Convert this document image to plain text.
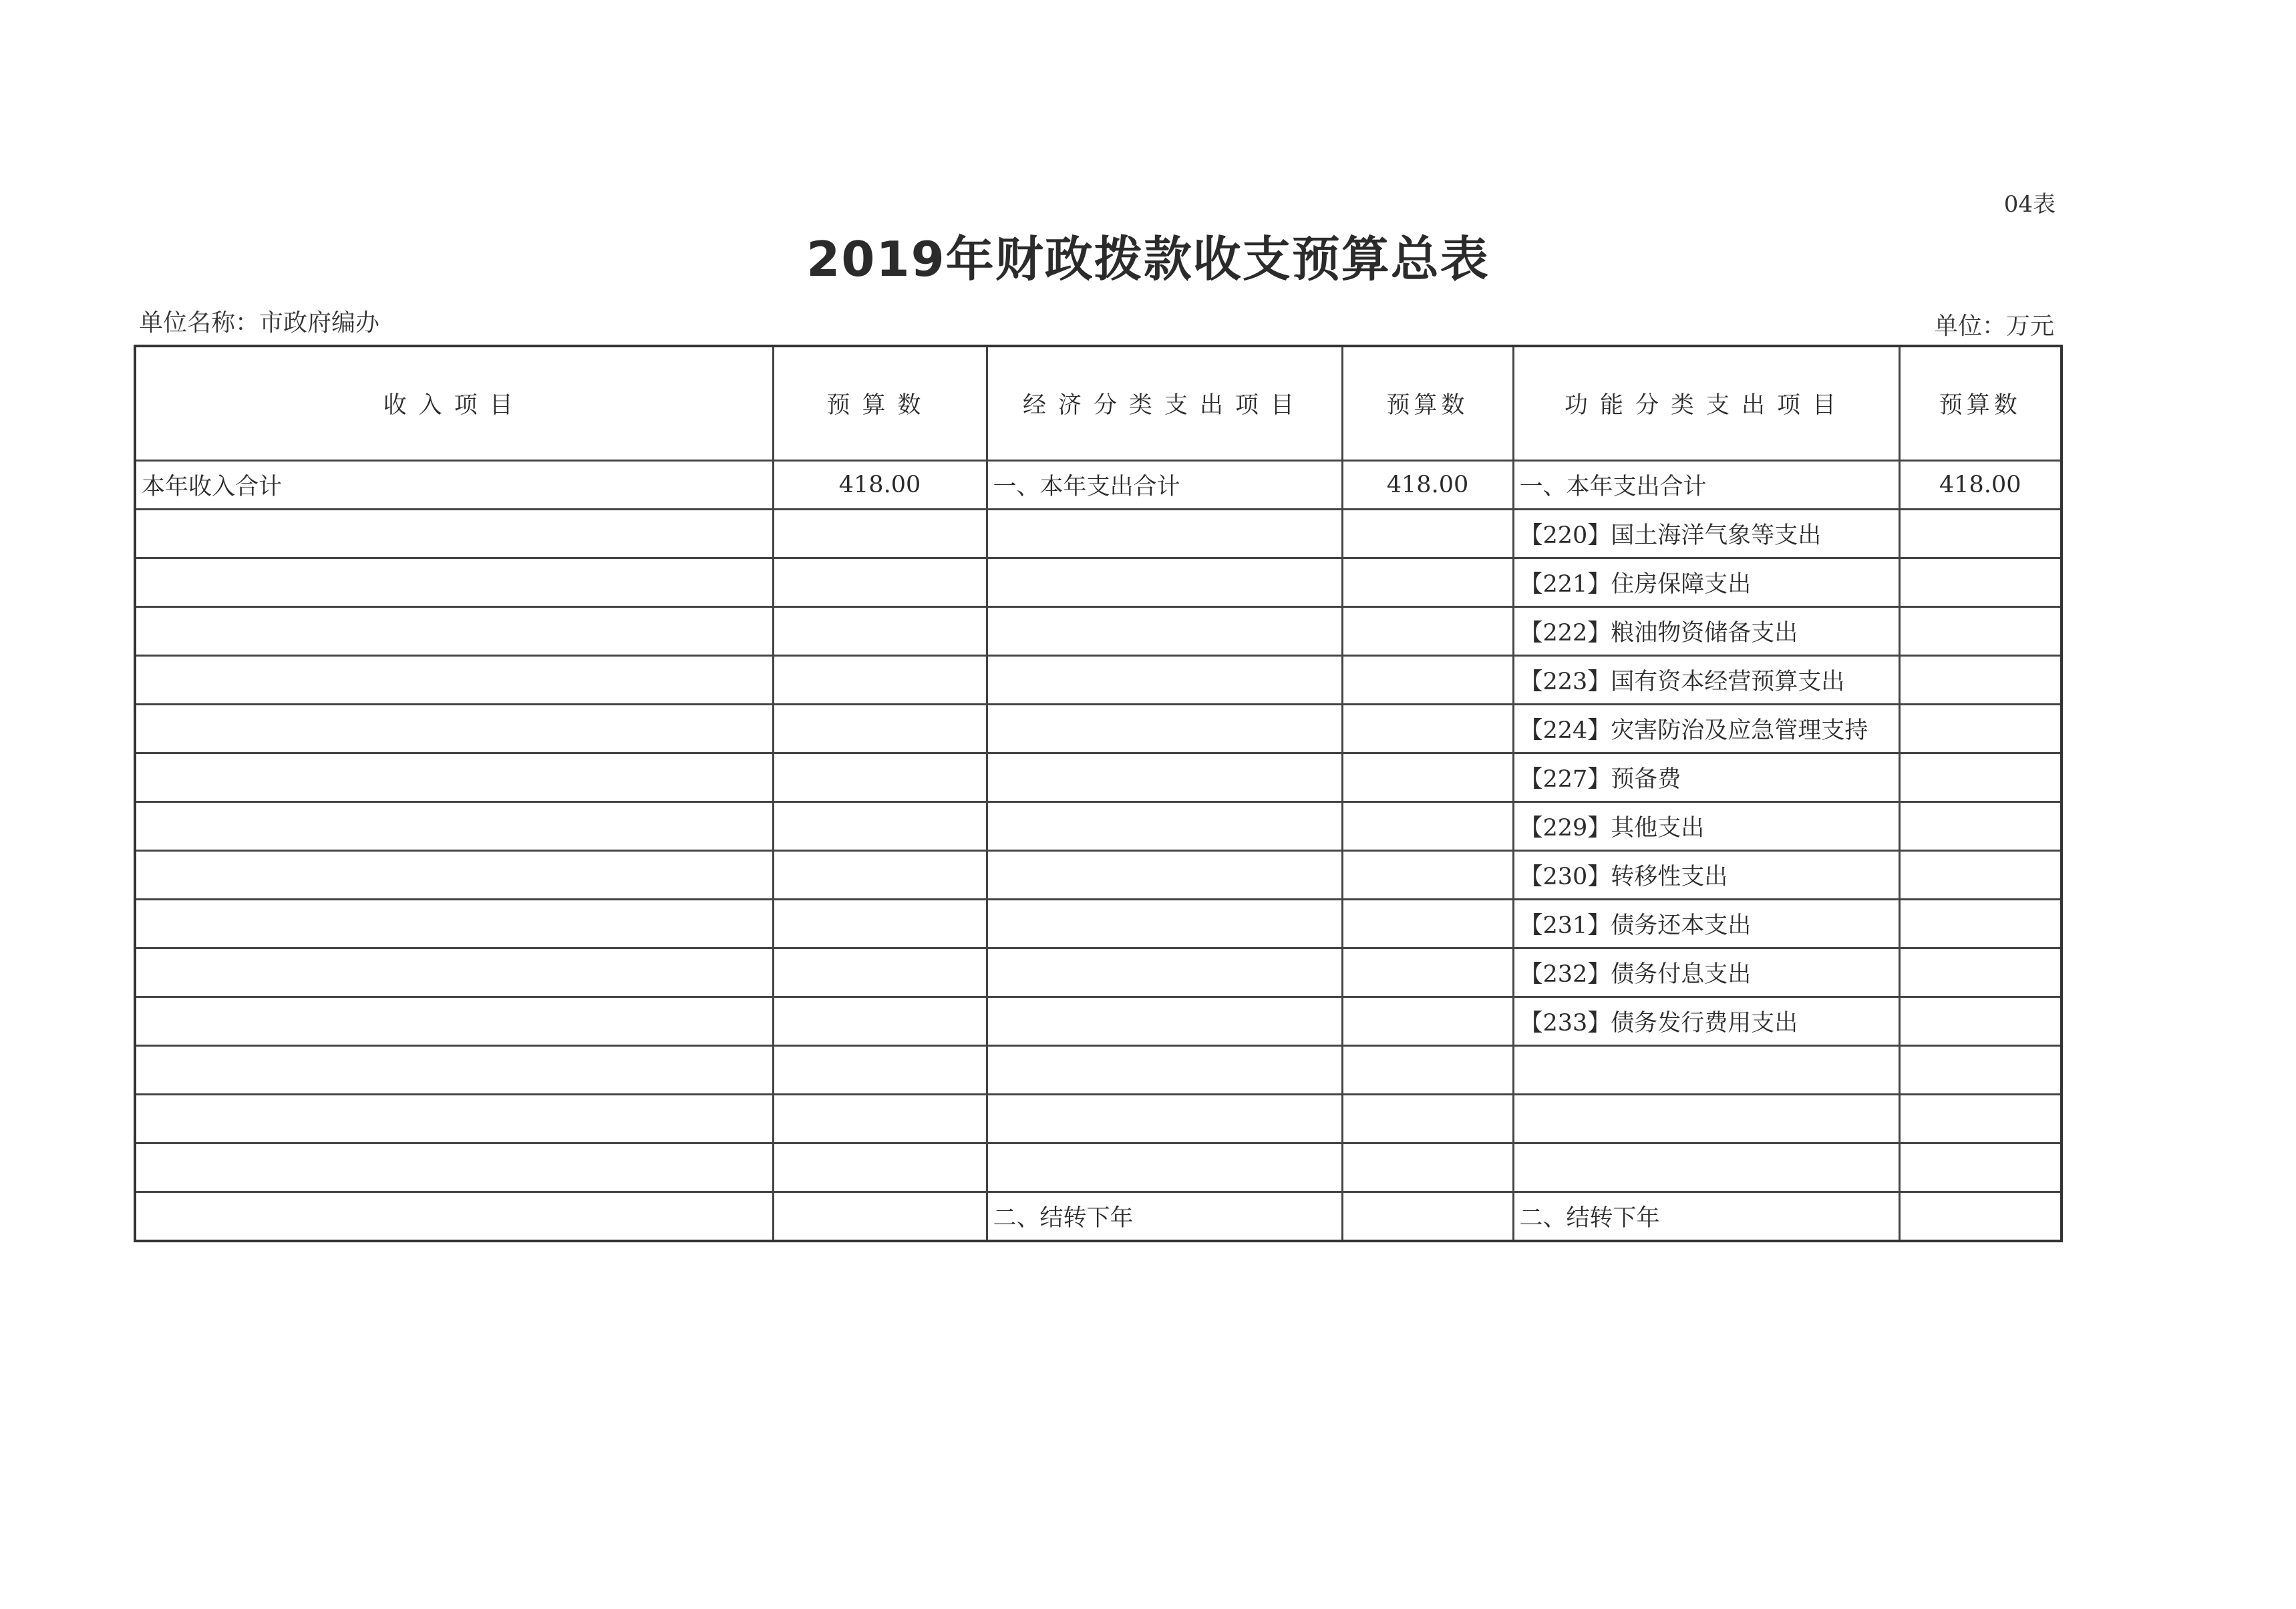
04表
2019年财政拨款收支预算总表
单位名称：市政府编办	单位：万元
收入项目	预算数	经济分类支出项目	预算数	功能分类支出项目	预算数
本年收入合计	418.00	一、本年支出合计	418.00	一、本年支出合计	418.00
				【220】国土海洋气象等支出	
				【221】住房保障支出	
				【222】粮油物资储备支出	
				【223】国有资本经营预算支出	
				【224】灾害防治及应急管理支持	
				【227】预备费	
				【229】其他支出	
				【230】转移性支出	
				【231】债务还本支出	
				【232】债务付息支出	
				【233】债务发行费用支出	

		二、结转下年		二、结转下年	
